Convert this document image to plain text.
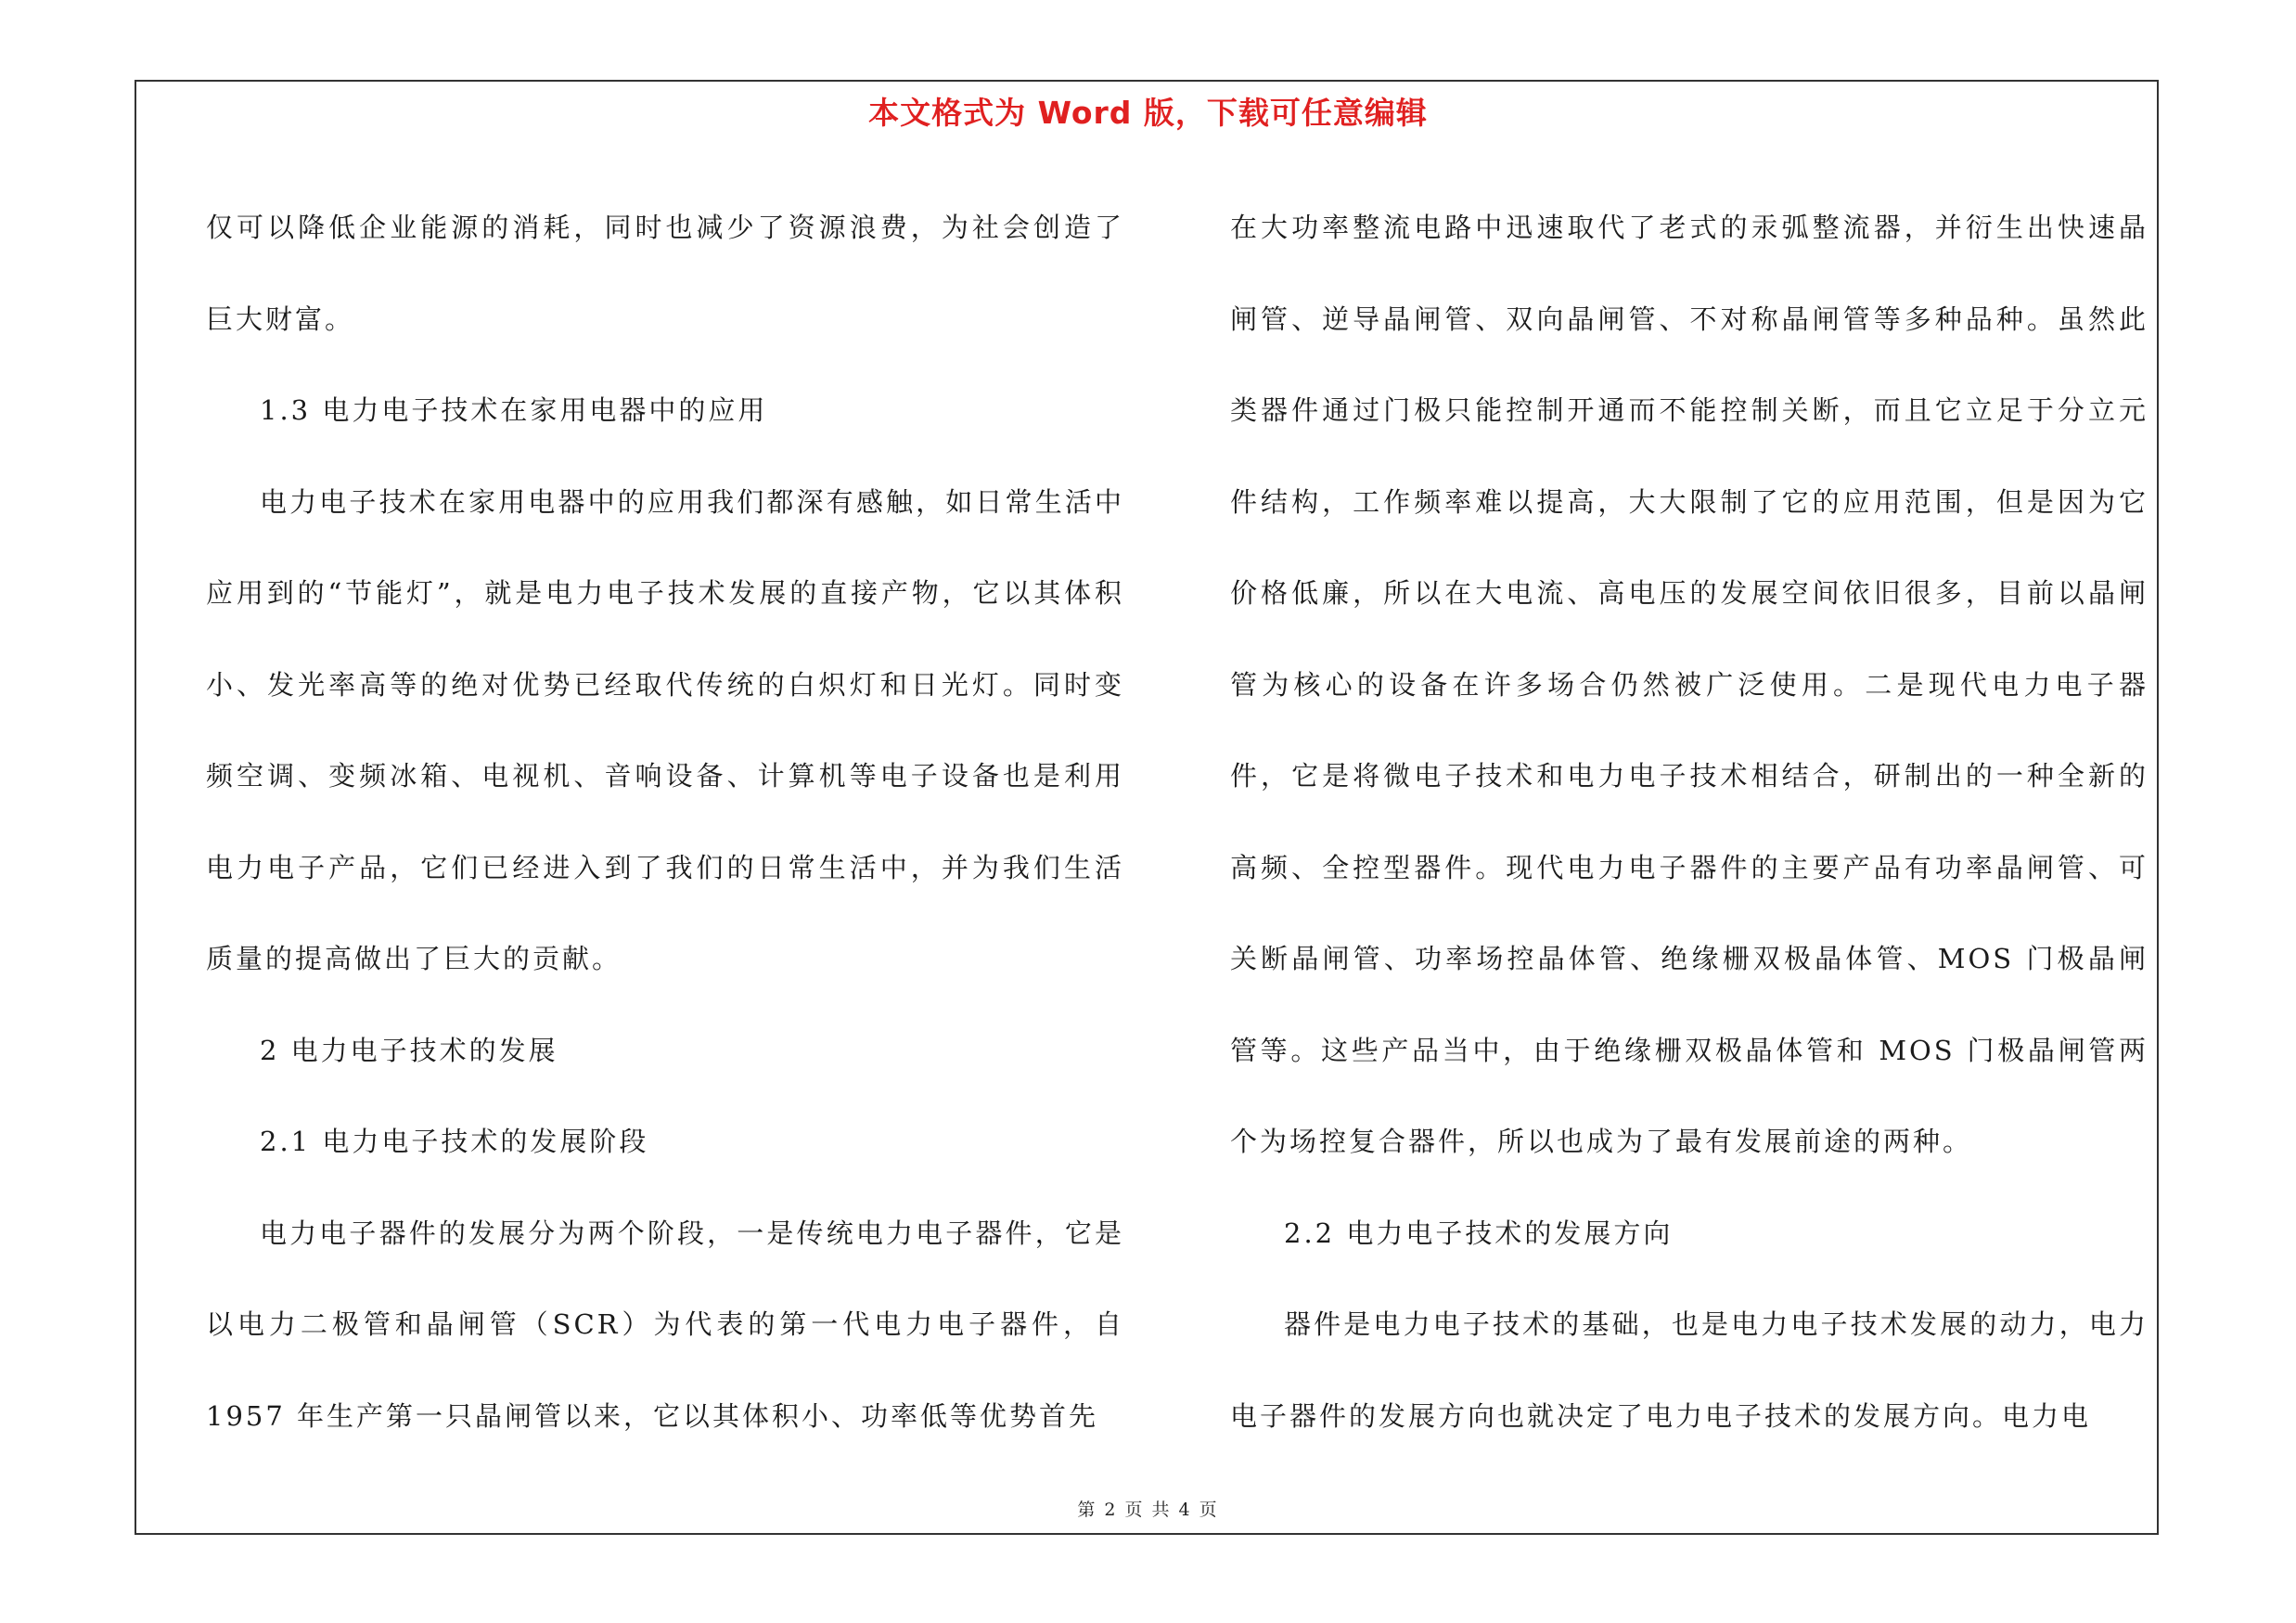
本文格式为 Word 版，下载可任意编辑

仅可以降低企业能源的消耗，同时也减少了资源浪费，为社会创造了巨大财富。

1.3 电力电子技术在家用电器中的应用

电力电子技术在家用电器中的应用我们都深有感触，如日常生活中应用到的“节能灯”，就是电力电子技术发展的直接产物，它以其体积小、发光率高等的绝对优势已经取代传统的白炽灯和日光灯。同时变频空调、变频冰箱、电视机、音响设备、计算机等电子设备也是利用电力电子产品，它们已经进入到了我们的日常生活中，并为我们生活质量的提高做出了巨大的贡献。

2 电力电子技术的发展

2.1 电力电子技术的发展阶段

电力电子器件的发展分为两个阶段，一是传统电力电子器件，它是以电力二极管和晶闸管（SCR）为代表的第一代电力电子器件，自 1957 年生产第一只晶闸管以来，它以其体积小、功率低等优势首先

在大功率整流电路中迅速取代了老式的汞弧整流器，并衍生出快速晶闸管、逆导晶闸管、双向晶闸管、不对称晶闸管等多种品种。虽然此类器件通过门极只能控制开通而不能控制关断，而且它立足于分立元件结构，工作频率难以提高，大大限制了它的应用范围，但是因为它价格低廉，所以在大电流、高电压的发展空间依旧很多，目前以晶闸管为核心的设备在许多场合仍然被广泛使用。二是现代电力电子器件，它是将微电子技术和电力电子技术相结合，研制出的一种全新的高频、全控型器件。现代电力电子器件的主要产品有功率晶闸管、可关断晶闸管、功率场控晶体管、绝缘栅双极晶体管、MOS 门极晶闸管等。这些产品当中，由于绝缘栅双极晶体管和 MOS 门极晶闸管两个为场控复合器件，所以也成为了最有发展前途的两种。

2.2 电力电子技术的发展方向

器件是电力电子技术的基础，也是电力电子技术发展的动力，电力电子器件的发展方向也就决定了电力电子技术的发展方向。电力电

第 2 页 共 4 页
